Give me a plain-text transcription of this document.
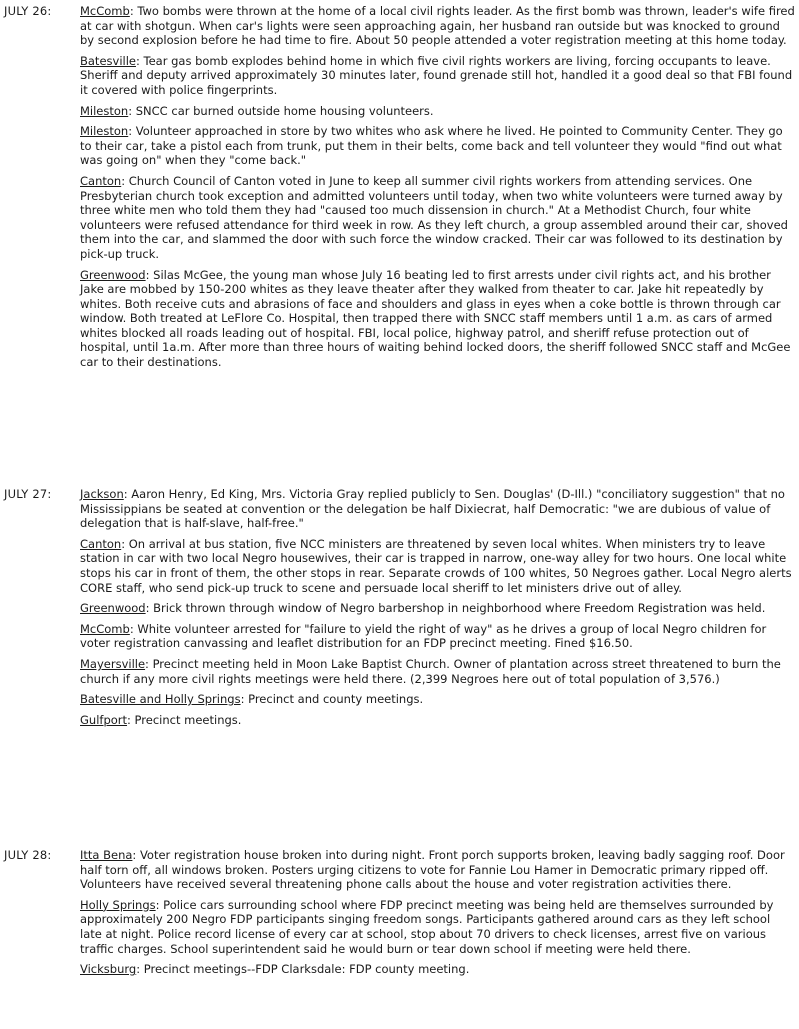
JULY 26:	McComb: Two bombs were thrown at the home of a local civil rights leader. As the first bomb was thrown, leader's wife fired at car with shotgun. When car's lights were seen approaching again, her husband ran outside but was knocked to ground by second explosion before he had time to fire. About 50 people attended a voter registration meeting at this home today.

Batesville: Tear gas bomb explodes behind home in which five civil rights workers are living, forcing occupants to leave. Sheriff and deputy arrived approximately 30 minutes later, found grenade still hot, handled it a good deal so that FBI found it covered with police fingerprints.

Mileston: SNCC car burned outside home housing volunteers.

Mileston: Volunteer approached in store by two whites who ask where he lived. He pointed to Community Center. They go to their car, take a pistol each from trunk, put them in their belts, come back and tell volunteer they would "find out what was going on" when they "come back."

Canton: Church Council of Canton voted in June to keep all summer civil rights workers from attending services. One Presbyterian church took exception and admitted volunteers until today, when two white volunteers were turned away by three white men who told them they had "caused too much dissension in church." At a Methodist Church, four white volunteers were refused attendance for third week in row. As they left church, a group assembled around their car, shoved them into the car, and slammed the door with such force the window cracked. Their car was followed to its destination by pick-up truck.

Greenwood: Silas McGee, the young man whose July 16 beating led to first arrests under civil rights act, and his brother Jake are mobbed by 150-200 whites as they leave theater after they walked from theater to car. Jake hit repeatedly by whites. Both receive cuts and abrasions of face and shoulders and glass in eyes when a coke bottle is thrown through car window. Both treated at LeFlore Co. Hospital, then trapped there with SNCC staff members until 1 a.m. as cars of armed whites blocked all roads leading out of hospital. FBI, local police, highway patrol, and sheriff refuse protection out of hospital, until 1a.m. After more than three hours of waiting behind locked doors, the sheriff followed SNCC staff and McGee car to their destinations.

JULY 27:	Jackson: Aaron Henry, Ed King, Mrs. Victoria Gray replied publicly to Sen. Douglas' (D-Ill.) "conciliatory suggestion" that no Mississippians be seated at convention or the delegation be half Dixiecrat, half Democratic: "we are dubious of value of delegation that is half-slave, half-free."

Canton: On arrival at bus station, five NCC ministers are threatened by seven local whites. When ministers try to leave station in car with two local Negro housewives, their car is trapped in narrow, one-way alley for two hours. One local white stops his car in front of them, the other stops in rear. Separate crowds of 100 whites, 50 Negroes gather. Local Negro alerts CORE staff, who send pick-up truck to scene and persuade local sheriff to let ministers drive out of alley.

Greenwood: Brick thrown through window of Negro barbershop in neighborhood where Freedom Registration was held.

McComb: White volunteer arrested for "failure to yield the right of way" as he drives a group of local Negro children for voter registration canvassing and leaflet distribution for an FDP precinct meeting. Fined $16.50.

Mayersville: Precinct meeting held in Moon Lake Baptist Church. Owner of plantation across street threatened to burn the church if any more civil rights meetings were held there. (2,399 Negroes here out of total population of 3,576.)

Batesville and Holly Springs: Precinct and county meetings.

Gulfport: Precinct meetings.

JULY 28:	Itta Bena: Voter registration house broken into during night. Front porch supports broken, leaving badly sagging roof. Door half torn off, all windows broken. Posters urging citizens to vote for Fannie Lou Hamer in Democratic primary ripped off. Volunteers have received several threatening phone calls about the house and voter registration activities there.

Holly Springs: Police cars surrounding school where FDP precinct meeting was being held are themselves surrounded by approximately 200 Negro FDP participants singing freedom songs. Participants gathered around cars as they left school late at night. Police record license of every car at school, stop about 70 drivers to check licenses, arrest five on various traffic charges. School superintendent said he would burn or tear down school if meeting were held there.

Vicksburg: Precinct meetings--FDP Clarksdale: FDP county meeting.
